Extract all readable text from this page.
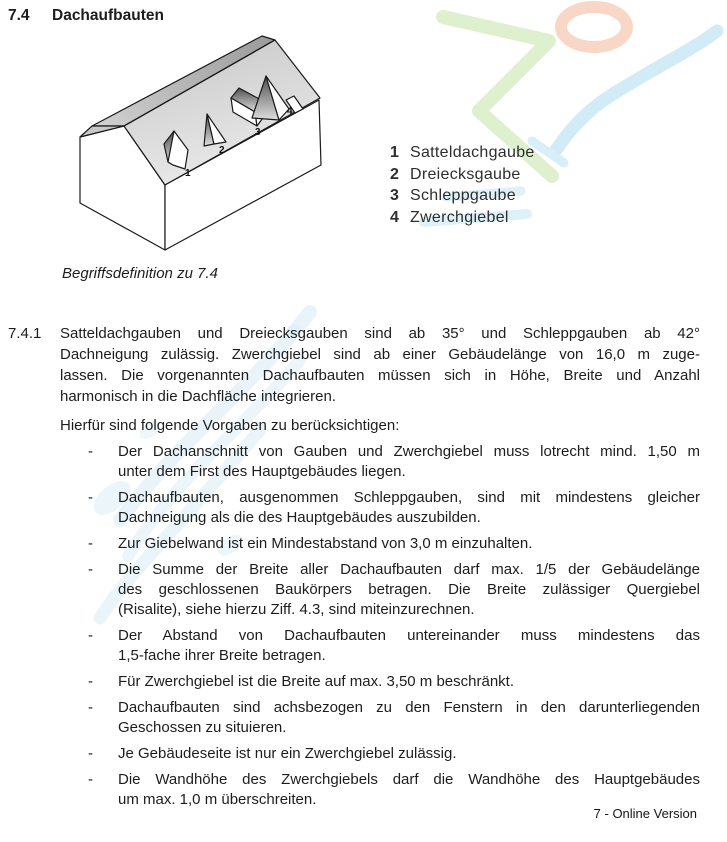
7.4	Dachaufbauten
1
2
3
4
1 Satteldachgaube
2 Dreiecksgaube
3 Schleppgaube
4 Zwerchgiebel
Begriffsdefinition zu 7.4
7.4.1	Satteldachgauben und Dreiecksgauben sind ab 35° und Schleppgauben ab 42°
Dachneigung zulässig. Zwerchgiebel sind ab einer Gebäudelänge von 16,0 m zuge-
lassen. Die vorgenannten Dachaufbauten müssen sich in Höhe, Breite und Anzahl
harmonisch in die Dachfläche integrieren.
Hierfür sind folgende Vorgaben zu berücksichtigen:
-	Der Dachanschnitt von Gauben und Zwerchgiebel muss lotrecht mind. 1,50 m
unter dem First des Hauptgebäudes liegen.
-	Dachaufbauten, ausgenommen Schleppgauben, sind mit mindestens gleicher
Dachneigung als die des Hauptgebäudes auszubilden.
-	Zur Giebelwand ist ein Mindestabstand von 3,0 m einzuhalten.
-	Die Summe der Breite aller Dachaufbauten darf max. 1/5 der Gebäudelänge
des geschlossenen Baukörpers betragen. Die Breite zulässiger Quergiebel
(Risalite), siehe hierzu Ziff. 4.3, sind miteinzurechnen.
-	Der Abstand von Dachaufbauten untereinander muss mindestens das
1,5-fache ihrer Breite betragen.
-	Für Zwerchgiebel ist die Breite auf max. 3,50 m beschränkt.
-	Dachaufbauten sind achsbezogen zu den Fenstern in den darunterliegenden
Geschossen zu situieren.
-	Je Gebäudeseite ist nur ein Zwerchgiebel zulässig.
-	Die Wandhöhe des Zwerchgiebels darf die Wandhöhe des Hauptgebäudes
um max. 1,0 m überschreiten.
7 - Online Version
